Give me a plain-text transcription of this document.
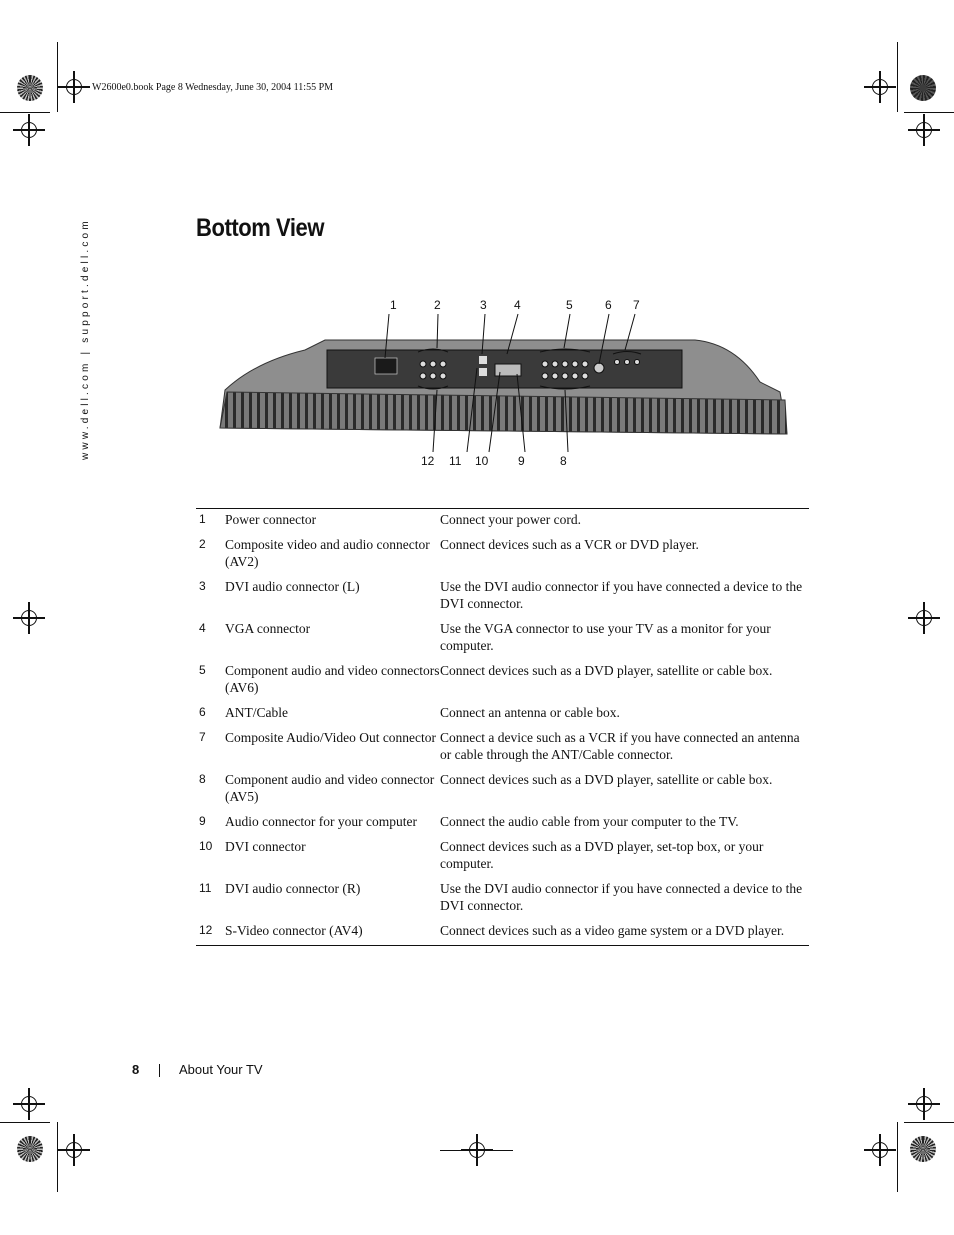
W2600e0.book Page 8 Wednesday, June 30, 2004 11:55 PM
www.dell.com | support.dell.com	Bottom View
1	2	3 4	5	6 7
12 11 10 9	8
1	Power connector	Connect your power cord.
2	Composite video and audio connector (AV2)	Connect devices such as a VCR or DVD player.
3	DVI audio connector (L)	Use the DVI audio connector if you have connected a device to the DVI connector.
4	VGA connector	Use the VGA connector to use your TV as a monitor for your computer.
5	Component audio and video connectors (AV6)	Connect devices such as a DVD player, satellite or cable box.
6	ANT/Cable	Connect an antenna or cable box.
7	Composite Audio/Video Out connector	Connect a device such as a VCR if you have connected an antenna or cable through the ANT/Cable connector.
8	Component audio and video connector (AV5)	Connect devices such as a DVD player, satellite or cable box.
9	Audio connector for your computer	Connect the audio cable from your computer to the TV.
10	DVI connector	Connect devices such as a DVD player, set-top box, or your computer.
11	DVI audio connector (R)	Use the DVI audio connector if you have connected a device to the DVI connector.
12	S-Video connector (AV4)	Connect devices such as a video game system or a DVD player.
8	About Your TV
